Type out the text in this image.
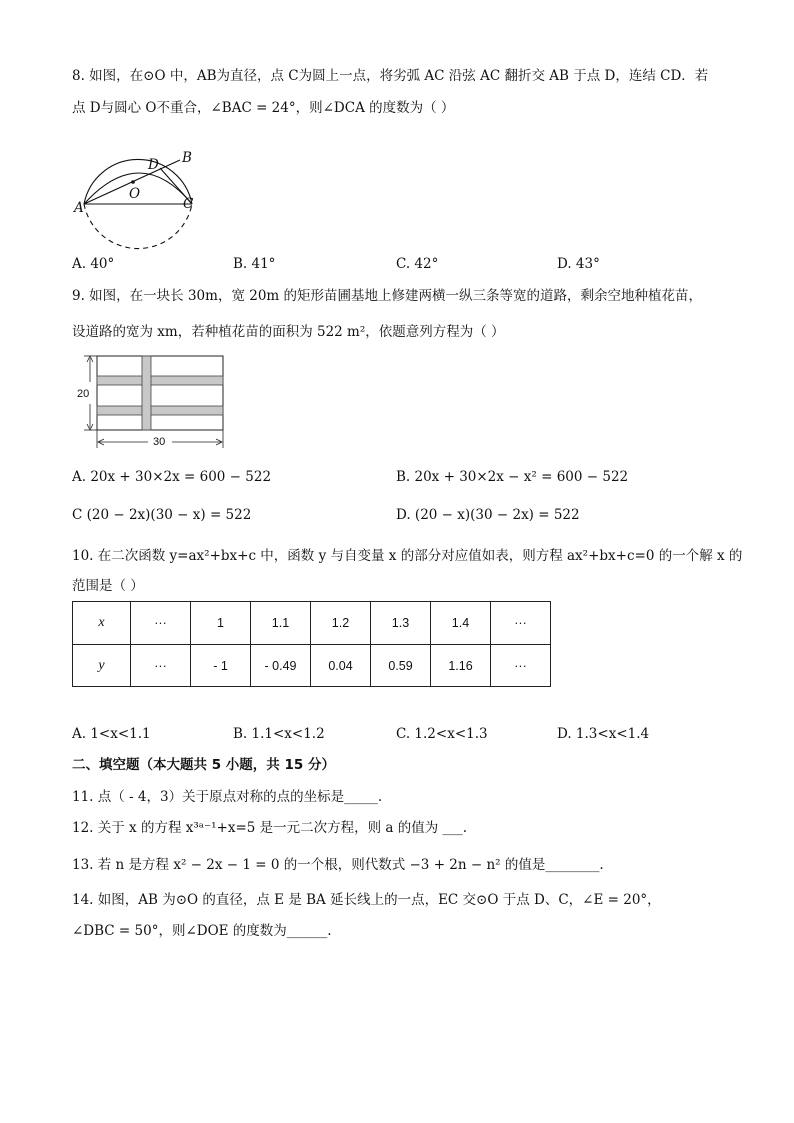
8. 如图，在⊙O 中，AB为直径，点 C为圆上一点，将劣弧 AC 沿弦 AC 翻折交 AB 于点 D，连结 CD．若
点 D与圆心 O不重合，∠BAC = 24°，则∠DCA 的度数为（ ）
A
B
C
D
O
A. 40°	B. 41°	C. 42°	D. 43°
9. 如图，在一块长 30m，宽 20m 的矩形苗圃基地上修建两横一纵三条等宽的道路，剩余空地种植花苗，
设道路的宽为 xm，若种植花苗的面积为 522 m²，依题意列方程为（ ）
20
30
A. 20x + 30×2x = 600 − 522	B. 20x + 30×2x − x² = 600 − 522
C (20 − 2x)(30 − x) = 522	D. (20 − x)(30 − 2x) = 522
10. 在二次函数 y=ax²+bx+c 中，函数 y 与自变量 x 的部分对应值如表，则方程 ax²+bx+c=0 的一个解 x 的
范围是（ ）
x	···	1	1.1	1.2	1.3	1.4	···
y	···	- 1	- 0.49	0.04	0.59	1.16	···
A. 1<x<1.1	B. 1.1<x<1.2	C. 1.2<x<1.3	D. 1.3<x<1.4
二、填空题（本大题共 5 小题，共 15 分）
11. 点（ - 4，3）关于原点对称的点的坐标是_____.
12. 关于 x 的方程 x³ᵃ⁻¹+x=5 是一元二次方程，则 a 的值为 ___.
13. 若 n 是方程 x² − 2x − 1 = 0 的一个根，则代数式 −3 + 2n − n² 的值是________.
14. 如图，AB 为⊙O 的直径，点 E 是 BA 延长线上的一点，EC 交⊙O 于点 D、C，∠E = 20°，
∠DBC = 50°，则∠DOE 的度数为______.
